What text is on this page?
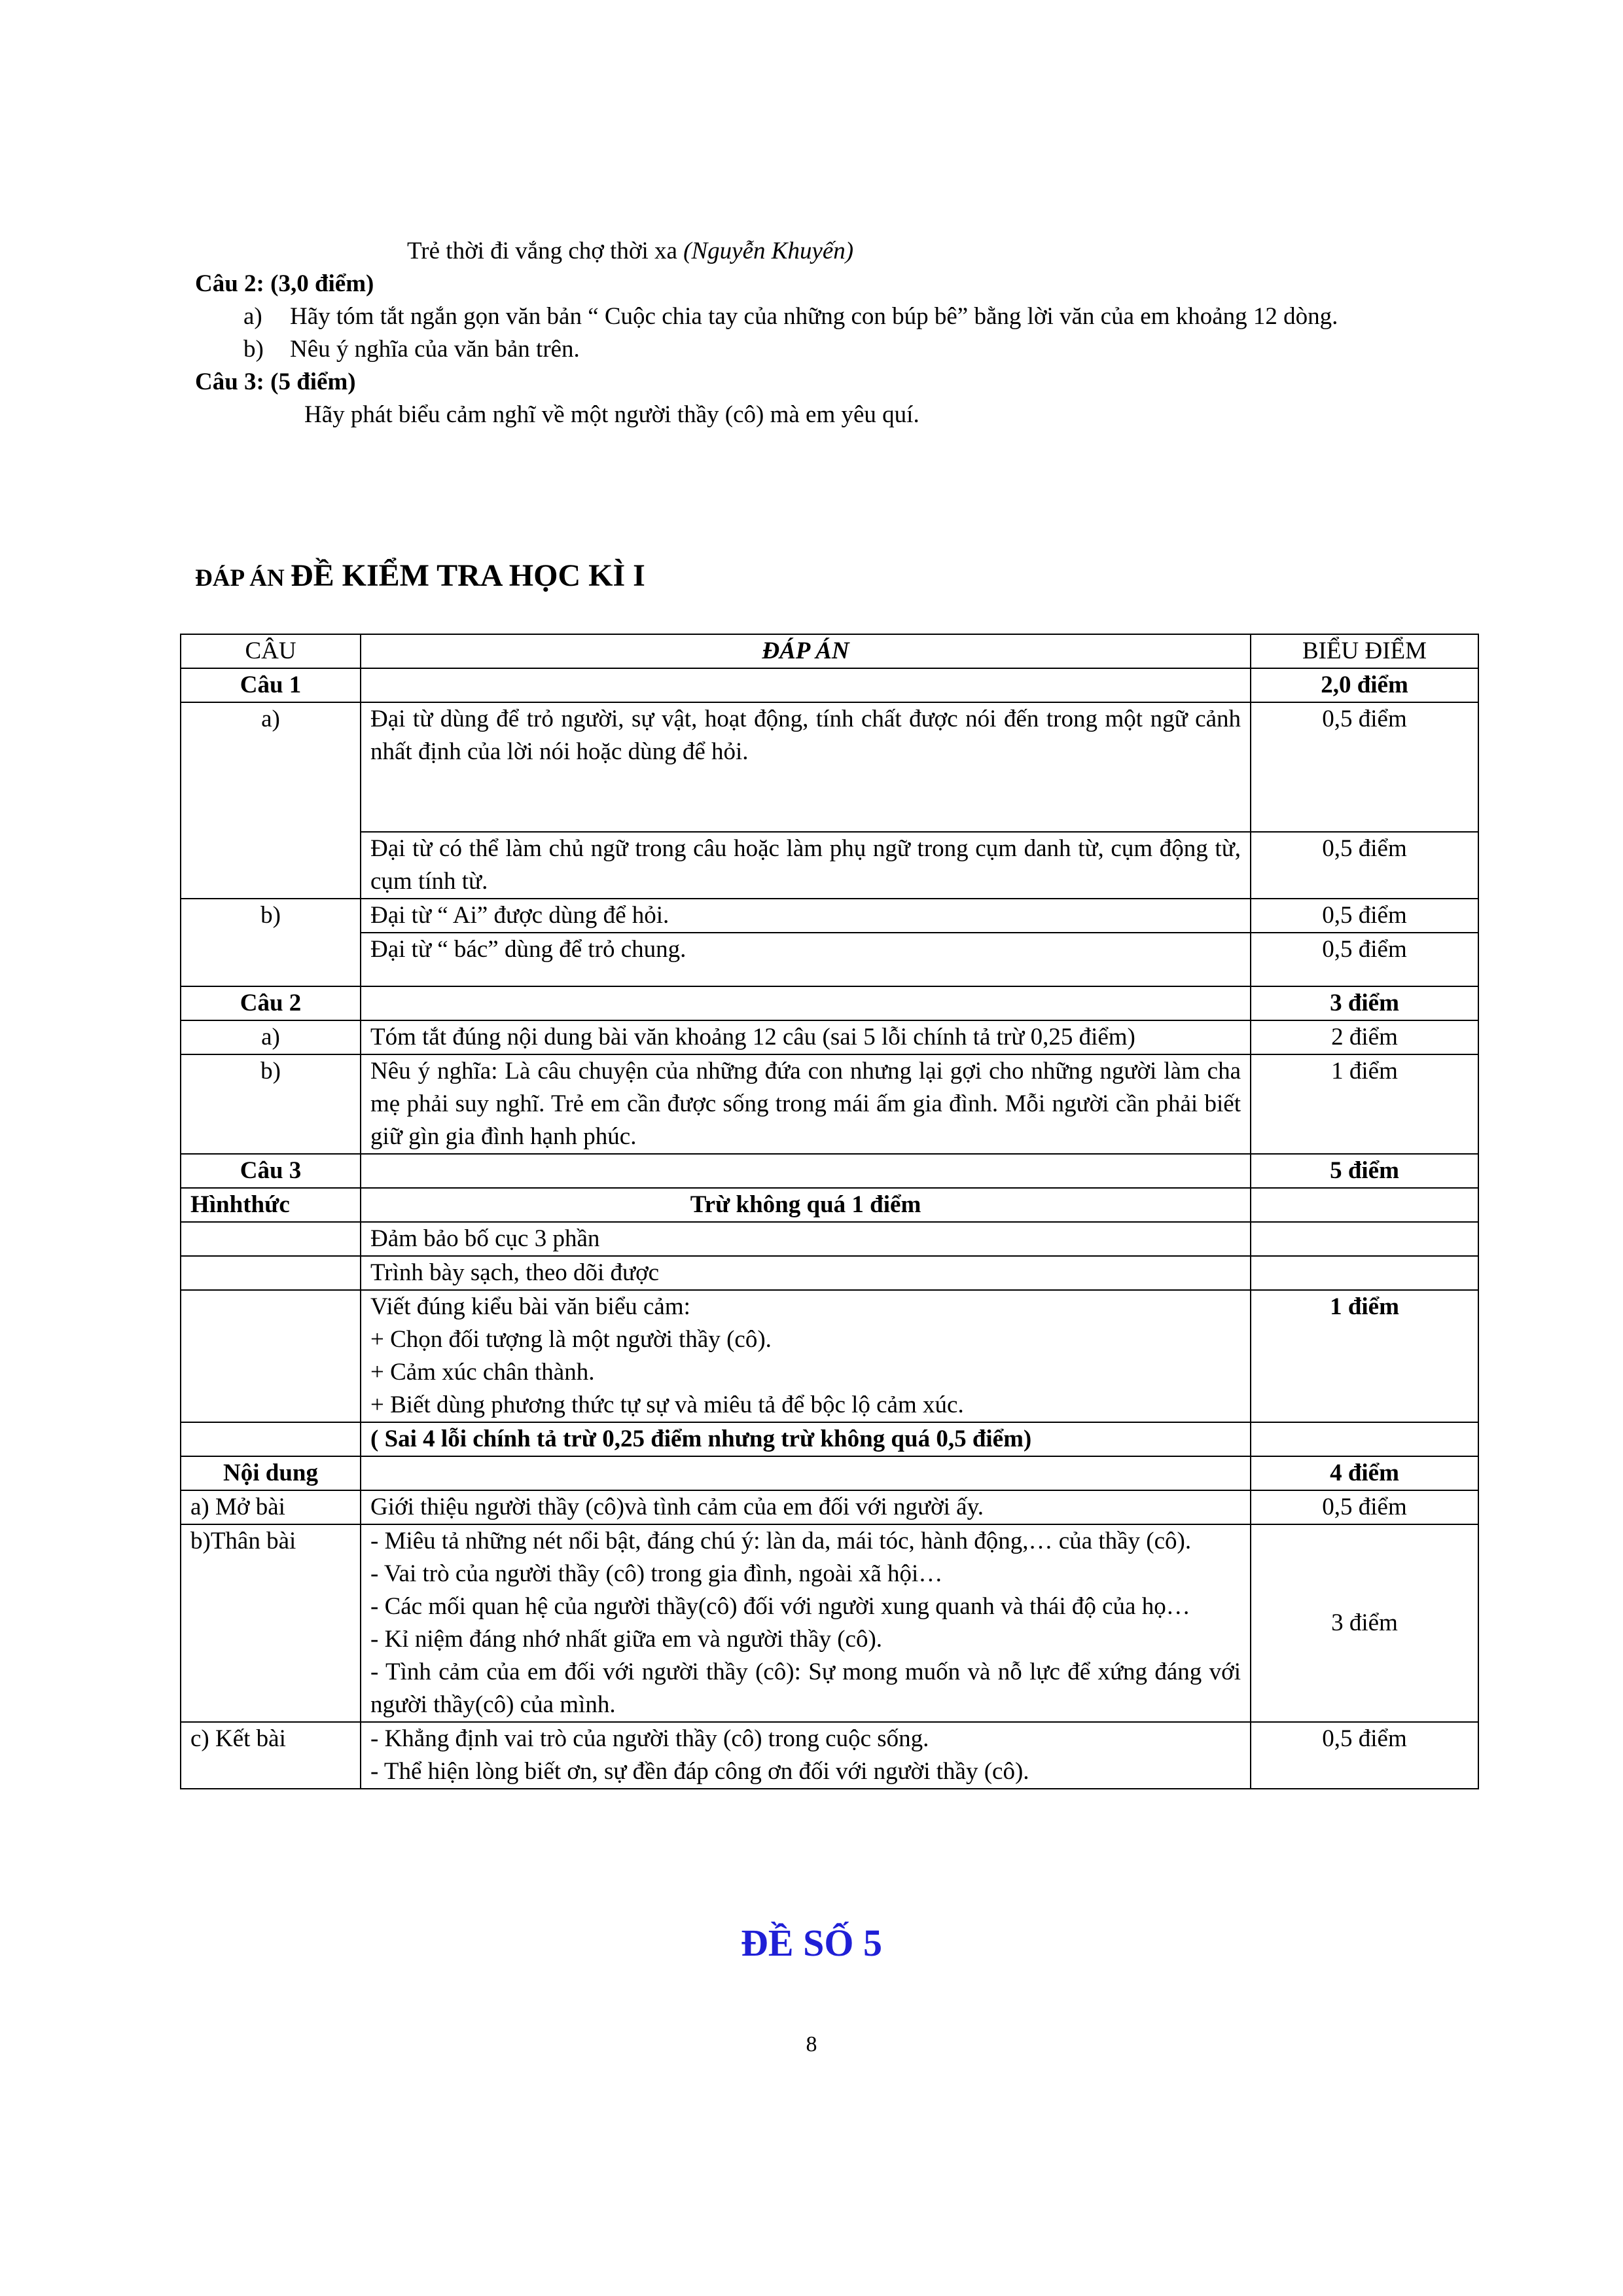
Trẻ thời đi vắng chợ thời xa (Nguyễn Khuyến)
Câu 2: (3,0 điểm)
a) Hãy tóm tắt ngắn gọn văn bản “ Cuộc chia tay của những con búp bê” bằng lời văn của em khoảng 12 dòng.
b) Nêu ý nghĩa của văn bản trên.
Câu 3: (5 điểm)
Hãy phát biểu cảm nghĩ về một người thầy (cô) mà em yêu quí.
ĐÁP ÁN ĐỀ KIỂM TRA HỌC KÌ I
CÂU	ĐÁP ÁN	BIỂU ĐIỂM
Câu 1		2,0 điểm
a)	Đại từ dùng để trỏ người, sự vật, hoạt động, tính chất được nói đến trong một ngữ cảnh nhất định của lời nói hoặc dùng để hỏi.	0,5 điểm
	Đại từ có thể làm chủ ngữ trong câu hoặc làm phụ ngữ trong cụm danh từ, cụm động từ, cụm tính từ.	0,5 điểm
b)	Đại từ “ Ai” được dùng để hỏi.	0,5 điểm
	Đại từ “ bác” dùng để trỏ chung.	0,5 điểm
Câu 2		3 điểm
a)	Tóm tắt đúng nội dung bài văn khoảng 12 câu (sai 5 lỗi chính tả trừ 0,25 điểm)	2 điểm
b)	Nêu ý nghĩa: Là câu chuyện của những đứa con nhưng lại gợi cho những người làm cha mẹ phải suy nghĩ. Trẻ em cần được sống trong mái ấm gia đình. Mỗi người cần phải biết giữ gìn gia đình hạnh phúc.	1 điểm
Câu 3		5 điểm
Hìnhthức	Trừ không quá 1 điểm	
	Đảm bảo bố cục 3 phần	
	Trình bày sạch, theo dõi được	

	Viết đúng kiểu bài văn biểu cảm:
+ Chọn đối tượng là một người thầy (cô).
+ Cảm xúc chân thành.
+ Biết dùng phương thức tự sự và miêu tả để bộc lộ cảm xúc.	1 điểm
	( Sai 4 lỗi chính tả trừ 0,25 điểm nhưng trừ không quá 0,5 điểm)	
Nội dung		4 điểm
a) Mở bài	Giới thiệu người thầy (cô)và tình cảm của em đối với người ấy.	0,5 điểm
b)Thân bài	- Miêu tả những nét nổi bật, đáng chú ý: làn da, mái tóc, hành động,… của thầy (cô).
- Vai trò của người thầy (cô) trong gia đình, ngoài xã hội…
- Các mối quan hệ của người thầy(cô) đối với người xung quanh và thái độ của họ…
- Kỉ niệm đáng nhớ nhất giữa em và người thầy (cô).
- Tình cảm của em đối với người thầy (cô): Sự mong muốn và nỗ lực để xứng đáng với người thầy(cô) của mình.	3 điểm
c) Kết bài	- Khẳng định vai trò của người thầy (cô) trong cuộc sống.
- Thể hiện lòng biết ơn, sự đền đáp công ơn đối với người thầy (cô).	0,5 điểm
ĐỀ SỐ 5
8
